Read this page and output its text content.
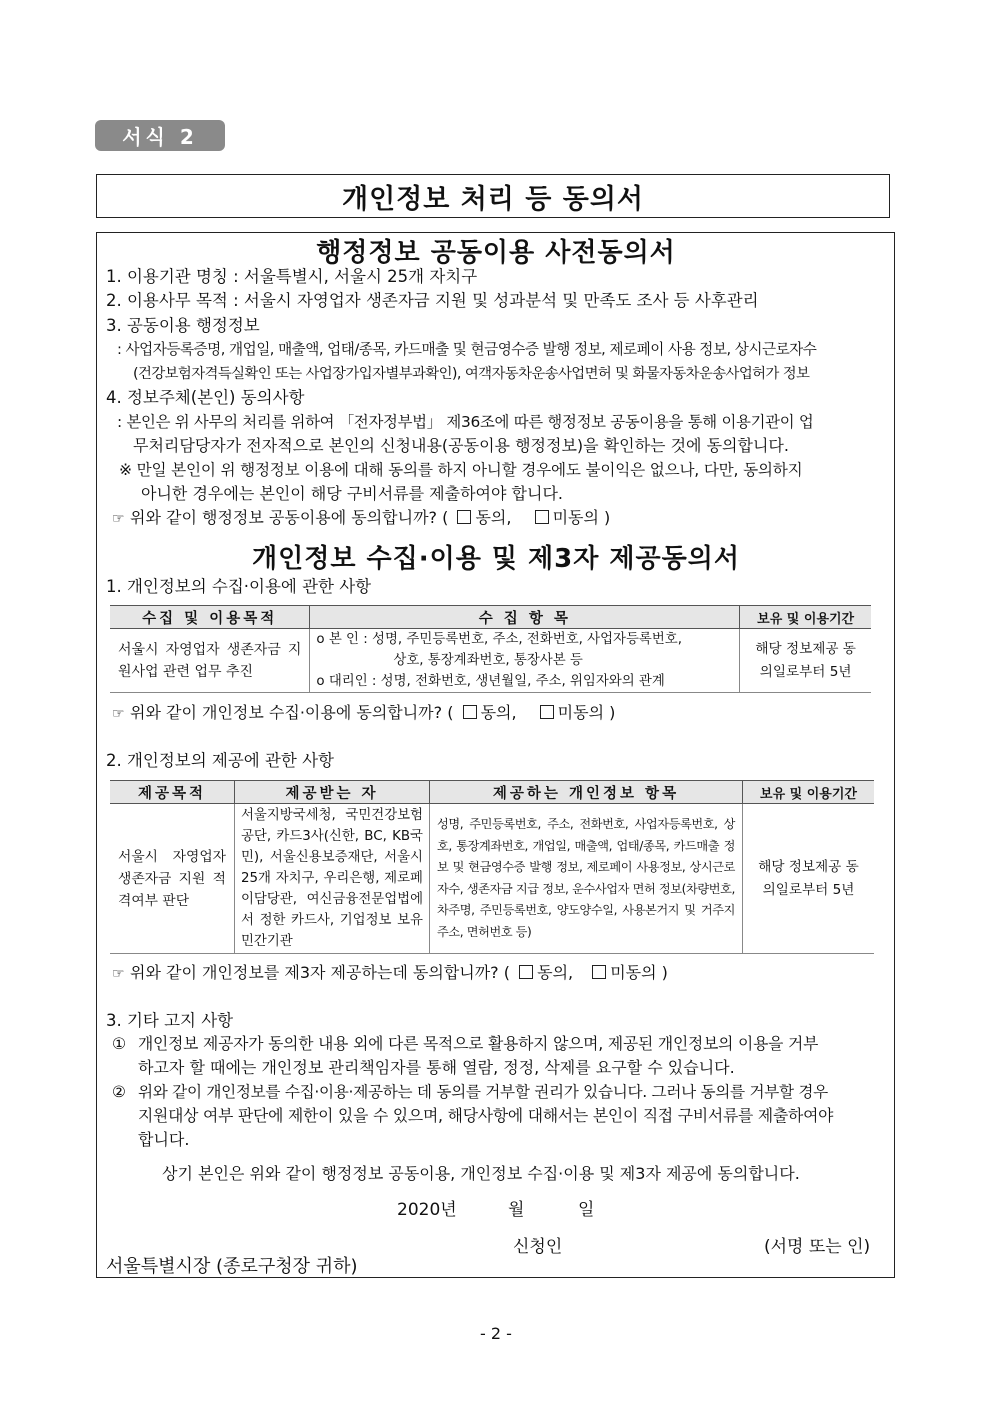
서식 2
개인정보 처리 등 동의서
행정정보 공동이용 사전동의서
1. 이용기관 명칭 : 서울특별시, 서울시 25개 자치구
2. 이용사무 목적 : 서울시 자영업자 생존자금 지원 및 성과분석 및 만족도 조사 등 사후관리
3. 공동이용 행정정보
: 사업자등록증명, 개업일, 매출액, 업태/종목, 카드매출 및 현금영수증 발행 정보, 제로페이 사용 정보, 상시근로자수
(건강보험자격득실확인 또는 사업장가입자별부과확인), 여객자동차운송사업면허 및 화물자동차운송사업허가 정보
4. 정보주체(본인) 동의사항
: 본인은 위 사무의 처리를 위하여 「전자정부법」 제36조에 따른 행정정보 공동이용을 통해 이용기관이 업
무처리담당자가 전자적으로 본인의 신청내용(공동이용 행정정보)을 확인하는 것에 동의합니다.
※ 만일 본인이 위 행정정보 이용에 대해 동의를 하지 아니할 경우에도 불이익은 없으나, 다만, 동의하지
아니한 경우에는 본인이 해당 구비서류를 제출하여야 합니다.
☞ 위와 같이 행정정보 공동이용에 동의합니까? ( 동의,	미동의 )
개인정보 수집·이용 및 제3자 제공동의서
1. 개인정보의 수집·이용에 관한 사항
수집 및 이용목적	수 집 항 목	보유 및 이용기간
서울시 자영업자 생존자금 지원사업 관련 업무 추진	o 본 인 : 성명, 주민등록번호, 주소, 전화번호, 사업자등록번호,
상호, 통장계좌번호, 통장사본 등
o 대리인 : 성명, 전화번호, 생년월일, 주소, 위임자와의 관계	해당 정보제공 동의일로부터 5년
☞ 위와 같이 개인정보 수집·이용에 동의합니까? ( 동의,	미동의 )
2. 개인정보의 제공에 관한 사항
제공목적	제공받는 자	제공하는 개인정보 항목	보유 및 이용기간
서울시 자영업자 생존자금 지원 적격여부 판단	서울지방국세청, 국민건강보험공단, 카드3사(신한, BC, KB국민), 서울신용보증재단, 서울시 25개 자치구, 우리은행, 제로페이담당관, 여신금융전문업법에서 정한 카드사, 기업정보 보유 민간기관	성명, 주민등록번호, 주소, 전화번호, 사업자등록번호, 상호, 통장계좌번호, 개업일, 매출액, 업태/종목, 카드매출 정보 및 현금영수증 발행 정보, 제로페이 사용정보, 상시근로자수, 생존자금 지급 정보, 운수사업자 면허 정보(차량번호, 차주명, 주민등록번호, 양도양수일, 사용본거지 및 거주지 주소, 면허번호 등)	해당 정보제공 동의일로부터 5년
☞ 위와 같이 개인정보를 제3자 제공하는데 동의합니까? ( 동의, 미동의 )
3. 기타 고지 사항
① 개인정보 제공자가 동의한 내용 외에 다른 목적으로 활용하지 않으며, 제공된 개인정보의 이용을 거부
하고자 할 때에는 개인정보 관리책임자를 통해 열람, 정정, 삭제를 요구할 수 있습니다.
② 위와 같이 개인정보를 수집·이용·제공하는 데 동의를 거부할 권리가 있습니다. 그러나 동의를 거부할 경우
지원대상 여부 판단에 제한이 있을 수 있으며, 해당사항에 대해서는 본인이 직접 구비서류를 제출하여야
합니다.
상기 본인은 위와 같이 행정정보 공동이용, 개인정보 수집·이용 및 제3자 제공에 동의합니다.
2020년	월	일
신청인	(서명 또는 인)
서울특별시장 (종로구청장 귀하)
- 2 -
